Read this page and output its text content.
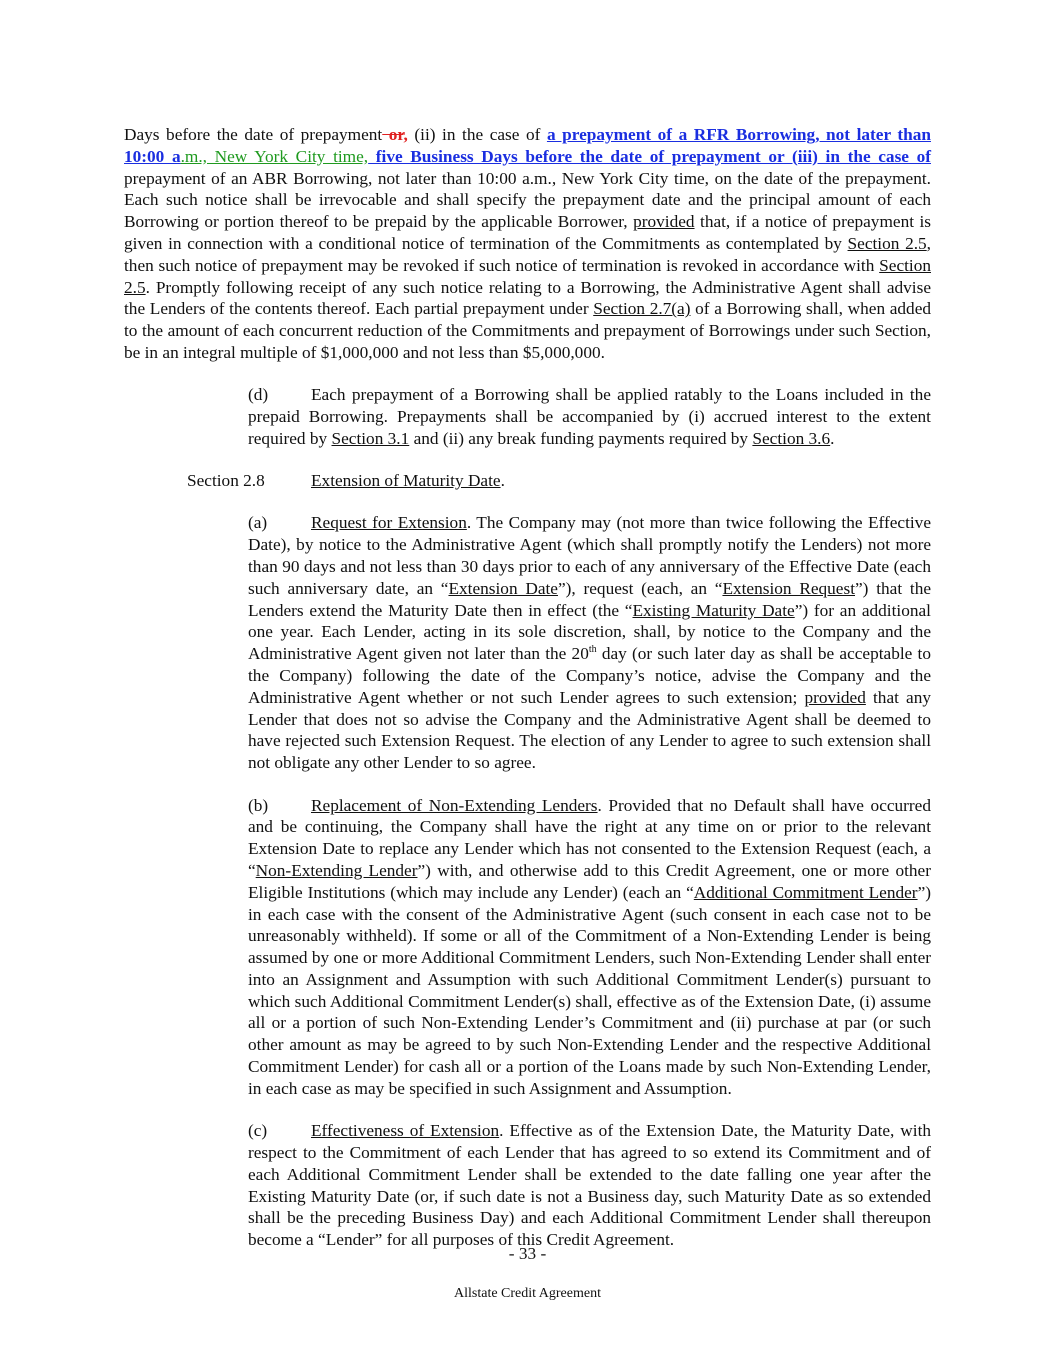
Days before the date of prepayment or, (ii) in the case of a prepayment of a RFR Borrowing, not later than 10:00 a.m., New York City time, five Business Days before the date of prepayment or (iii) in the case of prepayment of an ABR Borrowing, not later than 10:00 a.m., New York City time, on the date of the prepayment. Each such notice shall be irrevocable and shall specify the prepayment date and the principal amount of each Borrowing or portion thereof to be prepaid by the applicable Borrower, provided that, if a notice of prepayment is given in connection with a conditional notice of termination of the Commitments as contemplated by Section 2.5, then such notice of prepayment may be revoked if such notice of termination is revoked in accordance with Section 2.5. Promptly following receipt of any such notice relating to a Borrowing, the Administrative Agent shall advise the Lenders of the contents thereof. Each partial prepayment under Section 2.7(a) of a Borrowing shall, when added to the amount of each concurrent reduction of the Commitments and prepayment of Borrowings under such Section, be in an integral multiple of $1,000,000 and not less than $5,000,000.

(d) Each prepayment of a Borrowing shall be applied ratably to the Loans included in the prepaid Borrowing. Prepayments shall be accompanied by (i) accrued interest to the extent required by Section 3.1 and (ii) any break funding payments required by Section 3.6.

Section 2.8	Extension of Maturity Date.

(a)	Request for Extension. The Company may (not more than twice following the Effective Date), by notice to the Administrative Agent (which shall promptly notify the Lenders) not more than 90 days and not less than 30 days prior to each of any anniversary of the Effective Date (each such anniversary date, an “Extension Date”), request (each, an “Extension Request”) that the Lenders extend the Maturity Date then in effect (the “Existing Maturity Date”) for an additional one year. Each Lender, acting in its sole discretion, shall, by notice to the Company and the Administrative Agent given not later than the 20th day (or such later day as shall be acceptable to the Company) following the date of the Company’s notice, advise the Company and the Administrative Agent whether or not such Lender agrees to such extension; provided that any Lender that does not so advise the Company and the Administrative Agent shall be deemed to have rejected such Extension Request. The election of any Lender to agree to such extension shall not obligate any other Lender to so agree.

(b) Replacement of Non-Extending Lenders. Provided that no Default shall have occurred and be continuing, the Company shall have the right at any time on or prior to the relevant Extension Date to replace any Lender which has not consented to the Extension Request (each, a “Non-Extending Lender”) with, and otherwise add to this Credit Agreement, one or more other Eligible Institutions (which may include any Lender) (each an “Additional Commitment Lender”) in each case with the consent of the Administrative Agent (such consent in each case not to be unreasonably withheld). If some or all of the Commitment of a Non-Extending Lender is being assumed by one or more Additional Commitment Lenders, such Non-Extending Lender shall enter into an Assignment and Assumption with such Additional Commitment Lender(s) pursuant to which such Additional Commitment Lender(s) shall, effective as of the Extension Date, (i) assume all or a portion of such Non-Extending Lender’s Commitment and (ii) purchase at par (or such other amount as may be agreed to by such Non-Extending Lender and the respective Additional Commitment Lender) for cash all or a portion of the Loans made by such Non-Extending Lender, in each case as may be specified in such Assignment and Assumption.

(c)	Effectiveness of Extension. Effective as of the Extension Date, the Maturity Date, with respect to the Commitment of each Lender that has agreed to so extend its Commitment and of each Additional Commitment Lender shall be extended to the date falling one year after the Existing Maturity Date (or, if such date is not a Business day, such Maturity Date as so extended shall be the preceding Business Day) and each Additional Commitment Lender shall thereupon become a “Lender” for all purposes of this Credit Agreement.

- 33 -
Allstate Credit Agreement
